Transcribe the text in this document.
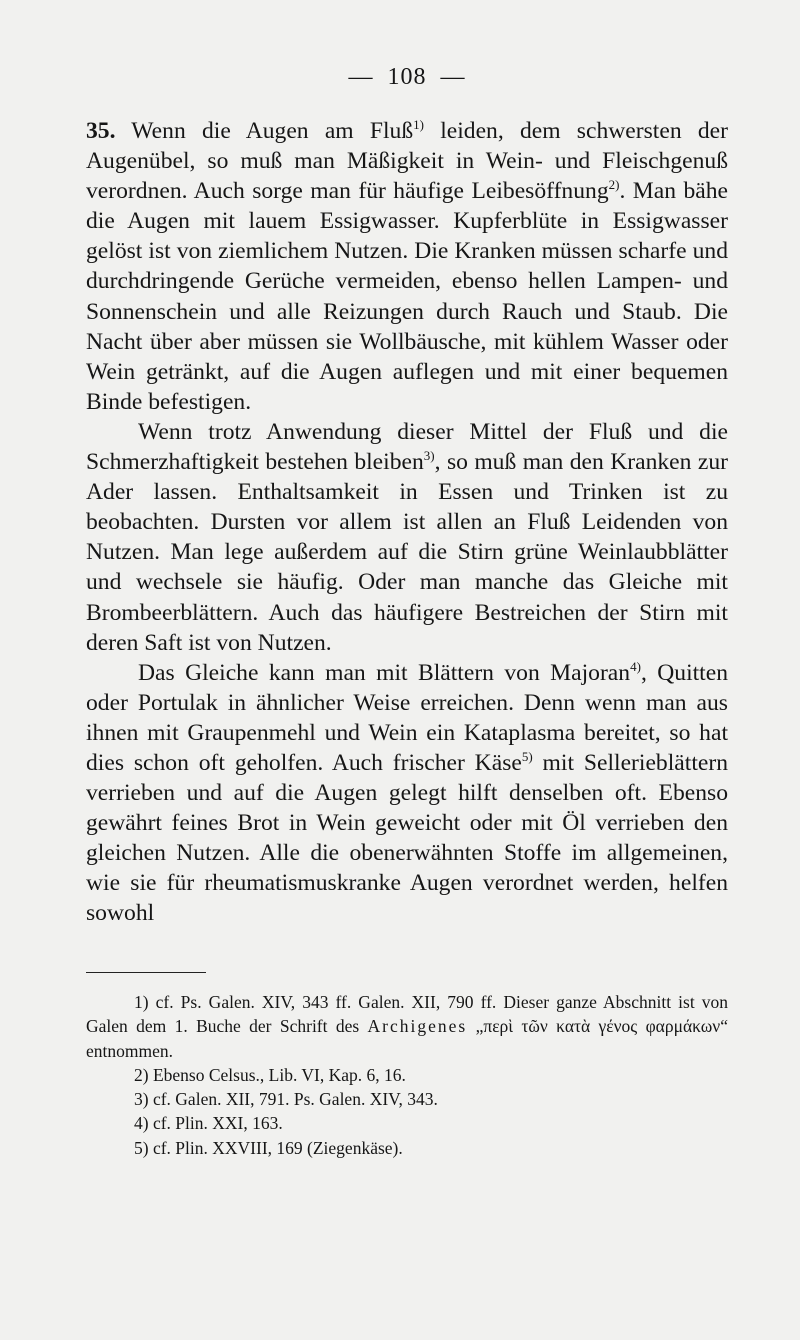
— 108 —

35. Wenn die Augen am Fluß$^{1)}$ leiden, dem schwersten der Augenübel, so muß man Mäßigkeit in Wein- und Fleischgenuß verordnen. Auch sorge man für häufige Leibesöffnung$^{2)}$. Man bähe die Augen mit lauem Essigwasser. Kupferblüte in Essigwasser gelöst ist von ziemlichem Nutzen. Die Kranken müssen scharfe und durchdringende Gerüche vermeiden, ebenso hellen Lampen- und Sonnenschein und alle Reizungen durch Rauch und Staub. Die Nacht über aber müssen sie Wollbäusche, mit kühlem Wasser oder Wein getränkt, auf die Augen auflegen und mit einer bequemen Binde befestigen.

Wenn trotz Anwendung dieser Mittel der Fluß und die Schmerzhaftigkeit bestehen bleiben$^{3)}$, so muß man den Kranken zur Ader lassen. Enthaltsamkeit in Essen und Trinken ist zu beobachten. Dursten vor allem ist allen an Fluß Leidenden von Nutzen. Man lege außerdem auf die Stirn grüne Weinlaubblätter und wechsele sie häufig. Oder man manche das Gleiche mit Brombeerblättern. Auch das häufigere Bestreichen der Stirn mit deren Saft ist von Nutzen.

Das Gleiche kann man mit Blättern von Majoran$^{4)}$, Quitten oder Portulak in ähnlicher Weise erreichen. Denn wenn man aus ihnen mit Graupenmehl und Wein ein Kataplasma bereitet, so hat dies schon oft geholfen. Auch frischer Käse$^{5)}$ mit Sellerieblättern verrieben und auf die Augen gelegt hilft denselben oft. Ebenso gewährt feines Brot in Wein geweicht oder mit Öl verrieben den gleichen Nutzen. Alle die obenerwähnten Stoffe im allgemeinen, wie sie für rheumatismuskranke Augen verordnet werden, helfen sowohl

1) cf. Ps. Galen. XIV, 343 ff. Galen. XII, 790 ff. Dieser ganze Abschnitt ist von Galen dem 1. Buche der Schrift des Archigenes „περὶ τῶν κατὰ γένος φαρμάκων“ entnommen.

2) Ebenso Celsus., Lib. VI, Kap. 6, 16.

3) cf. Galen. XII, 791. Ps. Galen. XIV, 343.

4) cf. Plin. XXI, 163.

5) cf. Plin. XXVIII, 169 (Ziegenkäse).
